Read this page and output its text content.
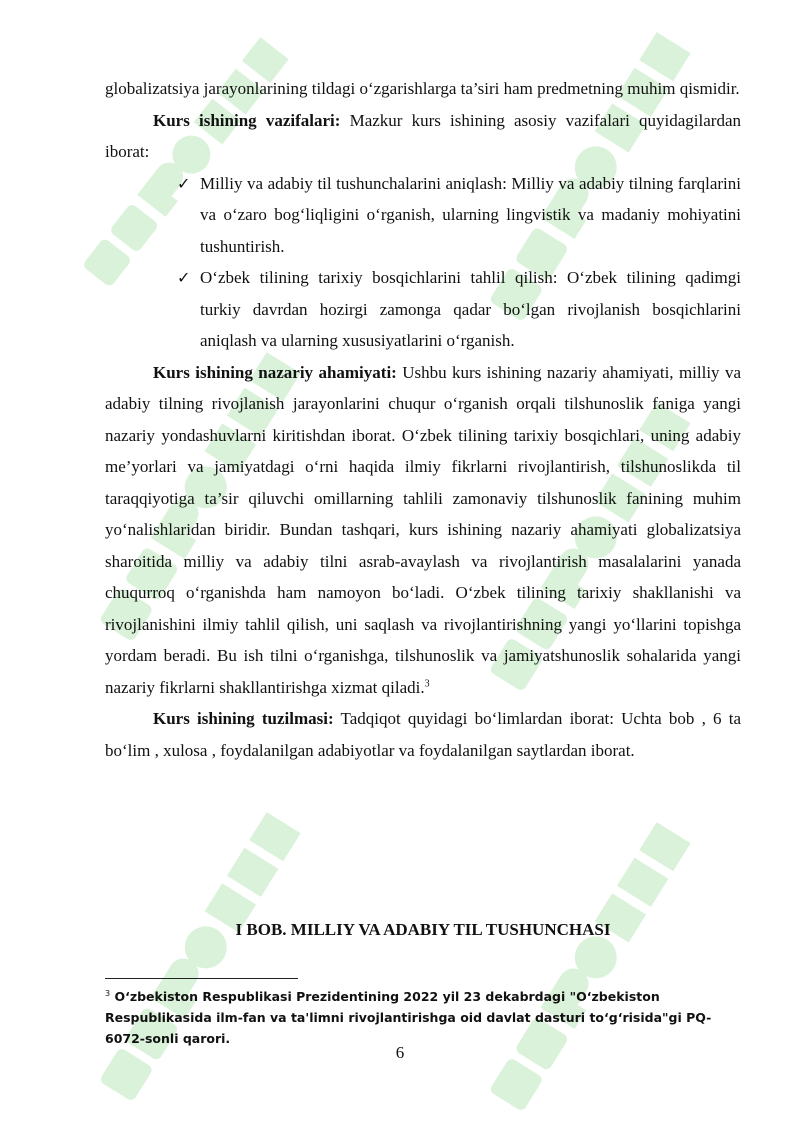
globalizatsiya jarayonlarining tildagi oʻzgarishlarga ta’siri ham predmetning muhim qismidir.

Kurs ishining vazifalari: Mazkur kurs ishining asosiy vazifalari quyidagilardan iborat:

✓ Milliy va adabiy til tushunchalarini aniqlash: Milliy va adabiy tilning farqlarini va oʻzaro bogʻliqligini oʻrganish, ularning lingvistik va madaniy mohiyatini tushuntirish.
✓ Oʻzbek tilining tarixiy bosqichlarini tahlil qilish: Oʻzbek tilining qadimgi turkiy davrdan hozirgi zamonga qadar boʻlgan rivojlanish bosqichlarini aniqlash va ularning xususiyatlarini oʻrganish.

Kurs ishining nazariy ahamiyati: Ushbu kurs ishining nazariy ahamiyati, milliy va adabiy tilning rivojlanish jarayonlarini chuqur oʻrganish orqali tilshunoslik faniga yangi nazariy yondashuvlarni kiritishdan iborat. Oʻzbek tilining tarixiy bosqichlari, uning adabiy me’yorlari va jamiyatdagi oʻrni haqida ilmiy fikrlarni rivojlantirish, tilshunoslikda til taraqqiyotiga ta’sir qiluvchi omillarning tahlili zamonaviy tilshunoslik fanining muhim yoʻnalishlaridan biridir. Bundan tashqari, kurs ishining nazariy ahamiyati globalizatsiya sharoitida milliy va adabiy tilni asrab-avaylash va rivojlantirish masalalarini yanada chuqurroq oʻrganishda ham namoyon boʻladi. Oʻzbek tilining tarixiy shakllanishi va rivojlanishini ilmiy tahlil qilish, uni saqlash va rivojlantirishning yangi yoʻllarini topishga yordam beradi. Bu ish tilni oʻrganishga, tilshunoslik va jamiyatshunoslik sohalarida yangi nazariy fikrlarni shakllantirishga xizmat qiladi.$^3$

Kurs ishining tuzilmasi: Tadqiqot quyidagi boʻlimlardan iborat: Uchta bob , 6 ta boʻlim , xulosa , foydalanilgan adabiyotlar va foydalanilgan saytlardan iborat.

I BOB. MILLIY VA ADABIY TIL TUSHUNCHASI
$^3$ O‘zbekiston Respublikasi Prezidentining 2022 yil 23 dekabrdagi "O‘zbekiston Respublikasida ilm-fan va ta'limni rivojlantirishga oid davlat dasturi to‘g‘risida"gi PQ-6072-sonli qarori.
6
